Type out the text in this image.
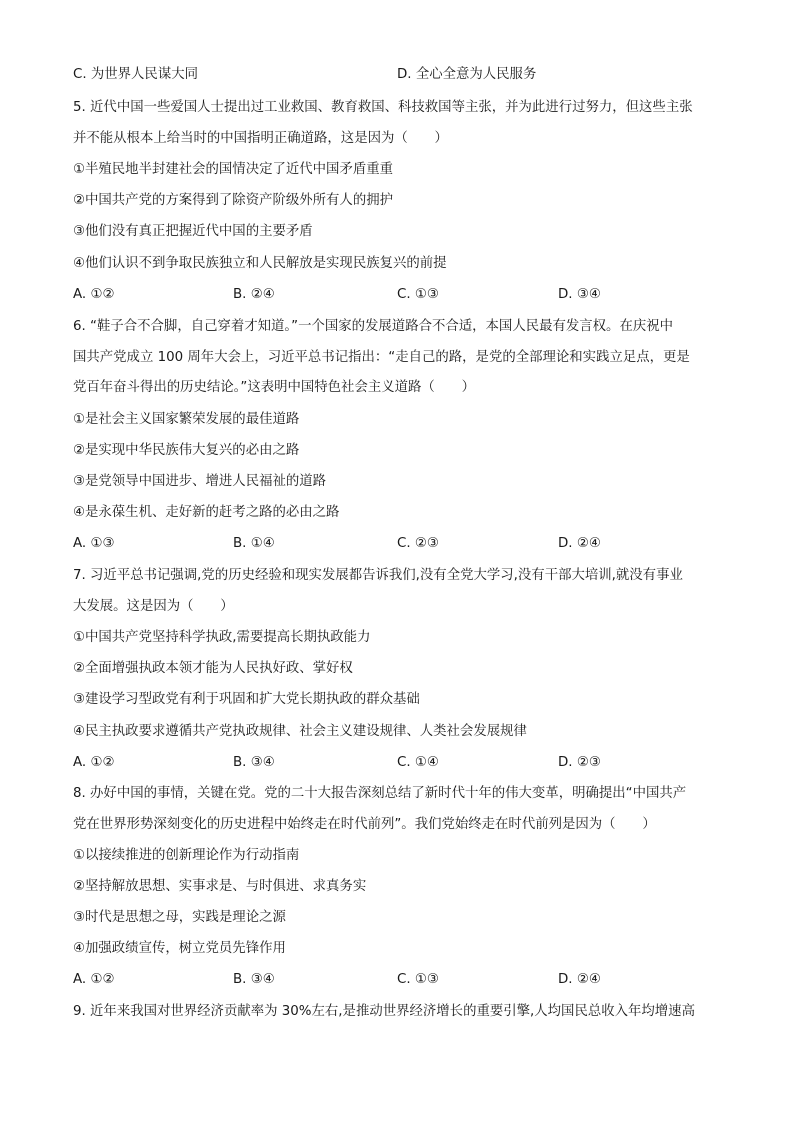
C. 为世界人民谋大同	D. 全心全意为人民服务
5. 近代中国一些爱国人士提出过工业救国、教育救国、科技救国等主张，并为此进行过努力，但这些主张
并不能从根本上给当时的中国指明正确道路，这是因为（　　）
①半殖民地半封建社会的国情决定了近代中国矛盾重重
②中国共产党的方案得到了除资产阶级外所有人的拥护
③他们没有真正把握近代中国的主要矛盾
④他们认识不到争取民族独立和人民解放是实现民族复兴的前提
A. ①②	B. ②④	C. ①③	D. ③④
6. “鞋子合不合脚，自己穿着才知道。”一个国家的发展道路合不合适，本国人民最有发言权。在庆祝中
国共产党成立 100 周年大会上，习近平总书记指出：“走自己的路，是党的全部理论和实践立足点，更是
党百年奋斗得出的历史结论。”这表明中国特色社会主义道路（　　）
①是社会主义国家繁荣发展的最佳道路
②是实现中华民族伟大复兴的必由之路
③是党领导中国进步、增进人民福祉的道路
④是永葆生机、走好新的赶考之路的必由之路
A. ①③	B. ①④	C. ②③	D. ②④
7. 习近平总书记强调,党的历史经验和现实发展都告诉我们,没有全党大学习,没有干部大培训,就没有事业
大发展。这是因为（　　）
①中国共产党坚持科学执政,需要提高长期执政能力
②全面增强执政本领才能为人民执好政、掌好权
③建设学习型政党有利于巩固和扩大党长期执政的群众基础
④民主执政要求遵循共产党执政规律、社会主义建设规律、人类社会发展规律
A. ①②	B. ③④	C. ①④	D. ②③
8. 办好中国的事情，关键在党。党的二十大报告深刻总结了新时代十年的伟大变革，明确提出“中国共产
党在世界形势深刻变化的历史进程中始终走在时代前列”。我们党始终走在时代前列是因为（　　）
①以接续推进的创新理论作为行动指南
②坚持解放思想、实事求是、与时俱进、求真务实
③时代是思想之母，实践是理论之源
④加强政绩宣传，树立党员先锋作用
A. ①②	B. ③④	C. ①③	D. ②④
9. 近年来我国对世界经济贡献率为 30%左右,是推动世界经济增长的重要引擎,人均国民总收入年均增速高
